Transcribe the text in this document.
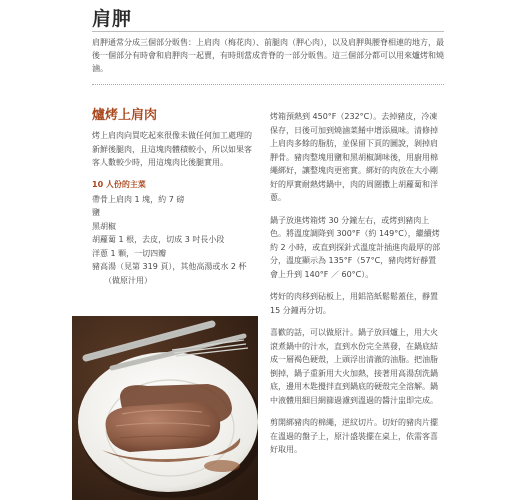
肩胛
肩胛通常分成三個部分販售：上肩肉（梅花肉）、前腿肉（胛心肉），以及肩胛與腰脊相連的地方，最後一個部分有時會和肩胛肉一起賣，有時則當成背脊的一部分販售。這三個部分都可以用來爐烤和燒滷。
爐烤上肩肉

烤上肩肉向買吃起來很像未做任何加工處理的新鮮後腿肉，且這塊肉體積較小，所以如果客客人數較少時，用這塊肉比後腿實用。

10 人份的主菜
帶骨上肩肉 1 塊，約 7 磅
鹽
黑胡椒
胡蘿蔔 1 根，去皮，切成 3 吋長小段
洋蔥 1 顆，一切四瓣
豬高湯（見第 319 頁），其他高湯或水 2 杯（做原汁用）

烤箱預熱到 450°F（232°C）。去掉豬皮，冷凍保存，日後可加到燒滷菜餚中增添風味。清修掉上肩肉多餘的脂肪，並保留下頁的圖說，剝掉肩胛骨。豬肉整塊用鹽和黑胡椒調味後，用廚用棉繩綁好，讓整塊肉更密實。綁好的肉放在大小剛好的厚實耐熱烤鍋中，肉的周圍撒上胡蘿蔔和洋蔥。

鍋子放進烤箱烤 30 分鐘左右，或烤到豬肉上色。將溫度調降到 300°F（約 149°C），繼續烤約 2 小時，或直到探針式溫度計插進肉最厚的部分，溫度顯示為 135°F（57°C，豬肉烤好靜置會上升到 140°F ／ 60°C）。

烤好的肉移到砧板上，用鋁箔紙鬆鬆蓋住，靜置 15 分鐘再分切。

喜歡的話，可以做原汁。鍋子放回爐上，用大火滾煮鍋中的汁水，直到水份完全蒸發，在鍋底結成一層褐色硬殼，上頭浮出清澈的油脂。把油脂倒掉，鍋子重新用大火加熱，接著用高湯刮洗鍋底，邊用木匙攪拌直到鍋底的硬殼完全溶解。鍋中液體用細目網篩過濾到溫過的醬汁盅即完成。

剪開綁豬肉的棉繩，逆紋切片。切好的豬肉片擺在溫過的盤子上，原汁盛裝擺在桌上，依需客喜好取用。
